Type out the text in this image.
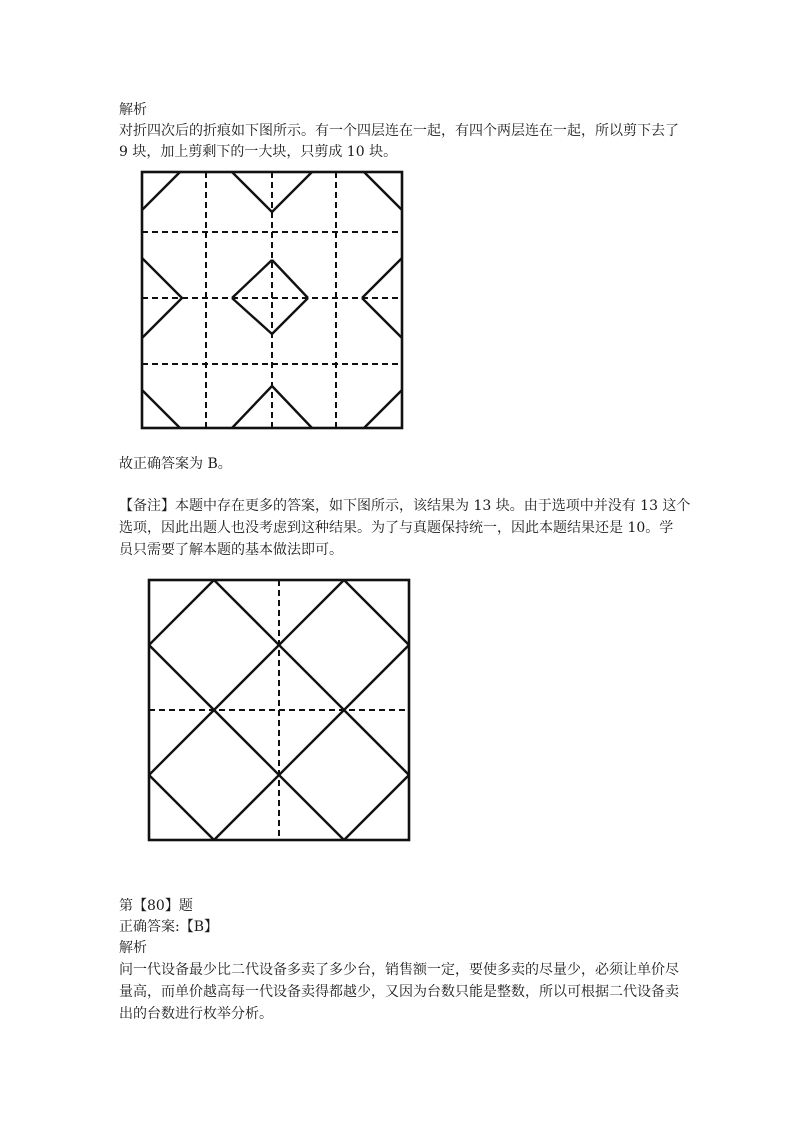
解析
对折四次后的折痕如下图所示。有一个四层连在一起，有四个两层连在一起，所以剪下去了
9 块，加上剪剩下的一大块，只剪成 10 块。
故正确答案为 B。
【备注】本题中存在更多的答案，如下图所示，该结果为 13 块。由于选项中并没有 13 这个
选项，因此出题人也没考虑到这种结果。为了与真题保持统一，因此本题结果还是 10。学
员只需要了解本题的基本做法即可。
第【80】题
正确答案:【B】
解析
问一代设备最少比二代设备多卖了多少台，销售额一定，要使多卖的尽量少，必须让单价尽
量高，而单价越高每一代设备卖得都越少，又因为台数只能是整数，所以可根据二代设备卖
出的台数进行枚举分析。
